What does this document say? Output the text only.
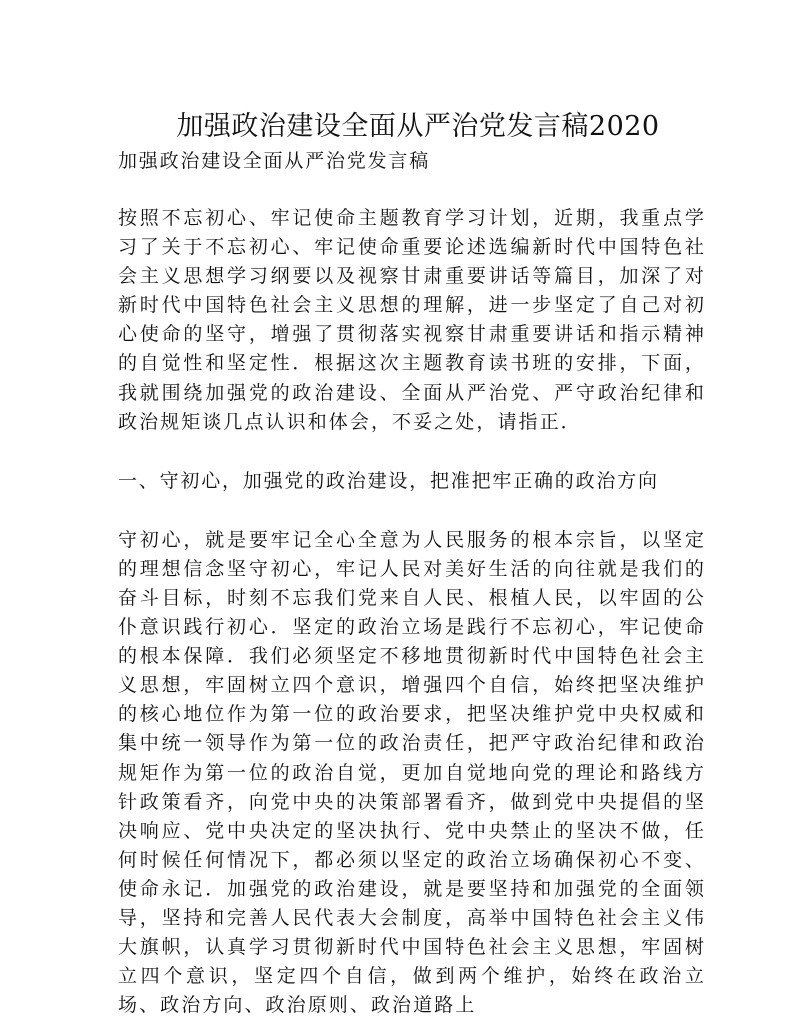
加强政治建设全面从严治党发言稿2020

加强政治建设全面从严治党发言稿

按照不忘初心、牢记使命主题教育学习计划，近期，我重点学习了关于不忘初心、牢记使命重要论述选编新时代中国特色社会主义思想学习纲要以及视察甘肃重要讲话等篇目，加深了对新时代中国特色社会主义思想的理解，进一步坚定了自己对初心使命的坚守，增强了贯彻落实视察甘肃重要讲话和指示精神的自觉性和坚定性．根据这次主题教育读书班的安排，下面，我就围绕加强党的政治建设、全面从严治党、严守政治纪律和政治规矩谈几点认识和体会，不妥之处，请指正．

一、守初心，加强党的政治建设，把准把牢正确的政治方向

守初心，就是要牢记全心全意为人民服务的根本宗旨，以坚定的理想信念坚守初心，牢记人民对美好生活的向往就是我们的奋斗目标，时刻不忘我们党来自人民、根植人民，以牢固的公仆意识践行初心．坚定的政治立场是践行不忘初心，牢记使命的根本保障．我们必须坚定不移地贯彻新时代中国特色社会主义思想，牢固树立四个意识，增强四个自信，始终把坚决维护的核心地位作为第一位的政治要求，把坚决维护党中央权威和集中统一领导作为第一位的政治责任，把严守政治纪律和政治规矩作为第一位的政治自觉，更加自觉地向党的理论和路线方针政策看齐，向党中央的决策部署看齐，做到党中央提倡的坚决响应、党中央决定的坚决执行、党中央禁止的坚决不做，任何时候任何情况下，都必须以坚定的政治立场确保初心不变、使命永记．加强党的政治建设，就是要坚持和加强党的全面领导，坚持和完善人民代表大会制度，高举中国特色社会主义伟大旗帜，认真学习贯彻新时代中国特色社会主义思想，牢固树立四个意识，坚定四个自信，做到两个维护，始终在政治立场、政治方向、政治原则、政治道路上
